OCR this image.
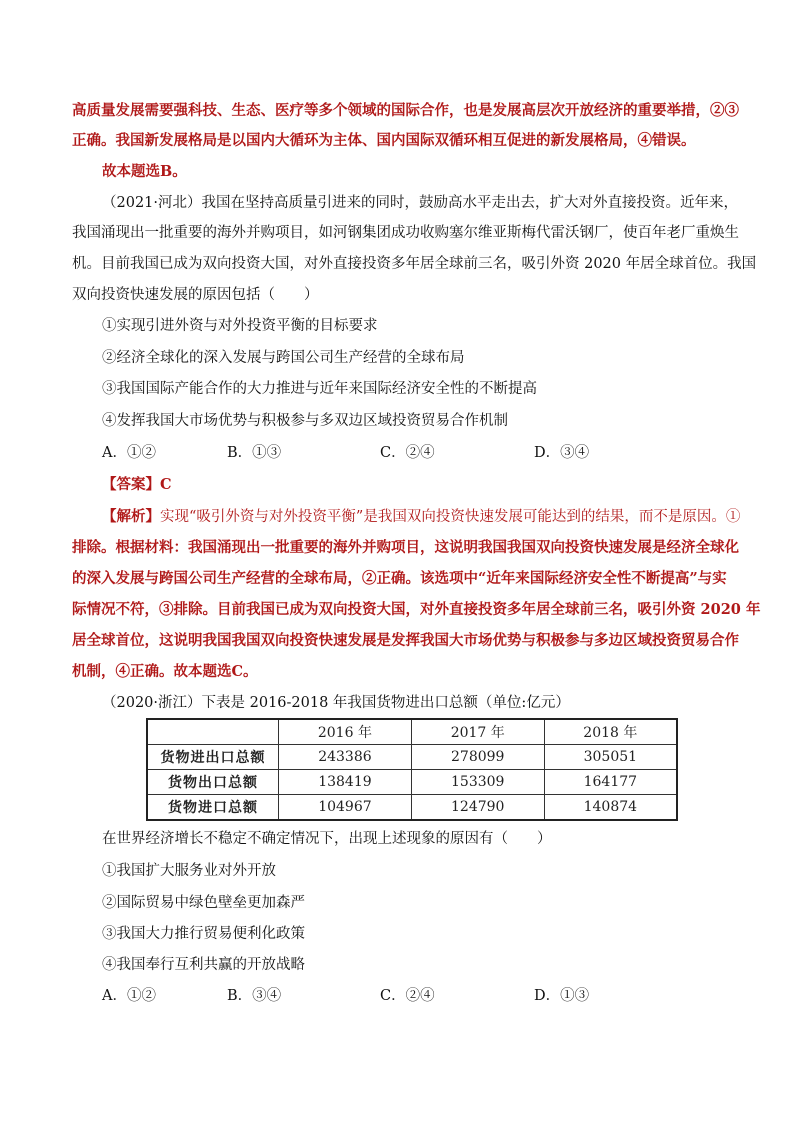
高质量发展需要强科技、生态、医疗等多个领域的国际合作，也是发展高层次开放经济的重要举措，②③
正确。我国新发展格局是以国内大循环为主体、国内国际双循环相互促进的新发展格局，④错误。
故本题选B。
（2021·河北）我国在坚持高质量引进来的同时，鼓励高水平走出去，扩大对外直接投资。近年来，
我国涌现出一批重要的海外并购项目，如河钢集团成功收购塞尔维亚斯梅代雷沃钢厂，使百年老厂重焕生
机。目前我国已成为双向投资大国，对外直接投资多年居全球前三名，吸引外资 2020 年居全球首位。我国
双向投资快速发展的原因包括（　　）
①实现引进外资与对外投资平衡的目标要求
②经济全球化的深入发展与跨国公司生产经营的全球布局
③我国国际产能合作的大力推进与近年来国际经济安全性的不断提高
④发挥我国大市场优势与积极参与多双边区域投资贸易合作机制
A．①②	B．①③	C．②④	D．③④
【答案】C
【解析】实现“吸引外资与对外投资平衡”是我国双向投资快速发展可能达到的结果，而不是原因。①
排除。根据材料：我国涌现出一批重要的海外并购项目，这说明我国我国双向投资快速发展是经济全球化
的深入发展与跨国公司生产经营的全球布局，②正确。该选项中“近年来国际经济安全性不断提高”与实
际情况不符，③排除。目前我国已成为双向投资大国，对外直接投资多年居全球前三名，吸引外资 2020 年
居全球首位，这说明我国我国双向投资快速发展是发挥我国大市场优势与积极参与多边区域投资贸易合作
机制，④正确。故本题选C。
（2020·浙江）下表是 2016-2018 年我国货物进出口总额（单位:亿元）
	2016 年	2017 年	2018 年
货物进出口总额	243386	278099	305051
货物出口总额	138419	153309	164177
货物进口总额	104967	124790	140874
在世界经济增长不稳定不确定情况下，出现上述现象的原因有（　　）
①我国扩大服务业对外开放
②国际贸易中绿色壁垒更加森严
③我国大力推行贸易便利化政策
④我国奉行互利共赢的开放战略
A．①②	B．③④	C．②④	D．①③
